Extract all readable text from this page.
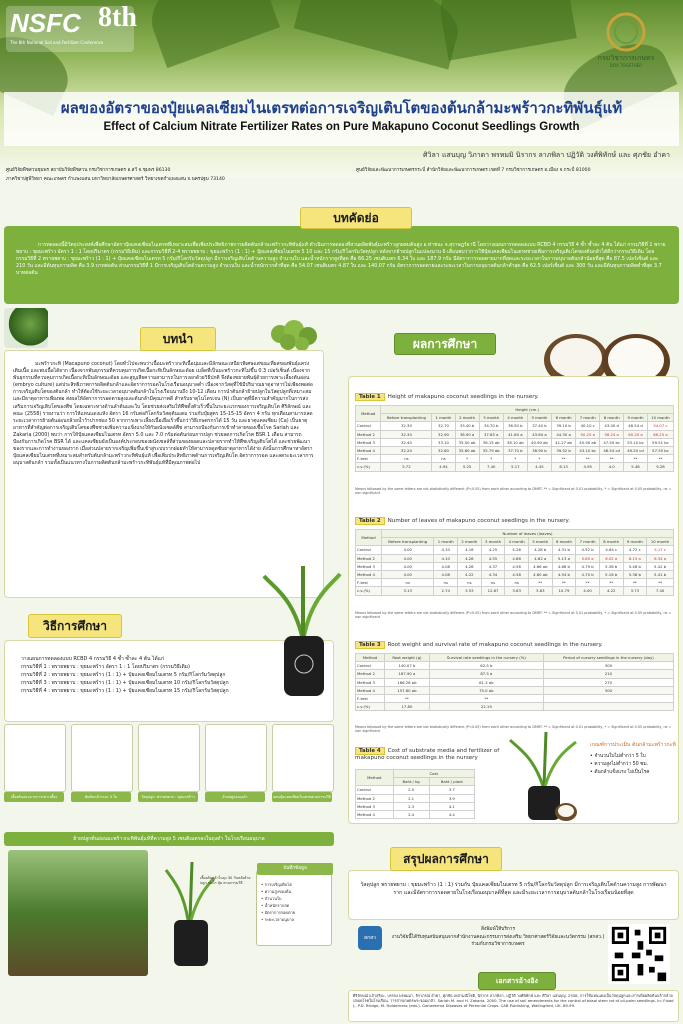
NSFC 8th
The 8th National Soil and Fertilizer Conference
กรมวิชาการเกษตร
DOA TOGETHER
ผลของอัตราของปุ๋ยแคลเซียมไนเตรทต่อการเจริญเติบโตของต้นกล้ามะพร้าวกะทิพันธุ์แท้
Effect of Calcium Nitrate Fertilizer Rates on Pure Makapuno Coconut Seedlings Growth
ศิวิลา แสนบุญ วิภาดา พรหมมิ นิรากร ลาภพิลา ปฏิวัติ วงศ์พิทักษ์ และ ศุภชัย อำคา
ศูนย์วิจัยพืชสวนชุมพร สถาบันวิจัยพืชสวน กรมวิชาการเกษตร อ.สวี จ.ชุมพร 86130	ศูนย์วิจัยและพัฒนาการเกษตรกระบี่ สำนักวิจัยและพัฒนาการเกษตร เขตที่ 7 กรมวิชาการเกษตร อ.เมือง จ.กระบี่ 81000
ภาควิชาปฐพีวิทยา คณะเกษตร กำแพงแสน มหาวิทยาลัยเกษตรศาสตร์ วิทยาเขตกำแพงแสน จ.นครปฐม 73140
การทดลองนี้มีวัตถุประสงค์เพื่อศึกษาอัตราปุ๋ยแคลเซียมไนเตรทที่เหมาะสมเพื่อเพิ่มประสิทธิภาพการผลิตต้นกล้ามะพร้าวกะทิพันธุ์แท้ ดำเนินการทดลองที่สวนผลิตพันธุ์มะพร้าวลูกผสมต้นสูง อ.ท่าชนะ จ.สุราษฎร์ธานี โดยวางแผนการทดลองแบบ RCBD 4 กรรมวิธี 4 ซ้ำ ซ้ำละ 4 ต้น ได้แก่ กรรมวิธีที่ 1 พรายพยาบ : ขุยมะพร้าว อัตรา 1 : 1 โดยปริมาตร (กรรมวิธีเดิม) และกรรมวิธีที่ 2-4 พรายพยาบ : ขุยมะพร้าว (1 : 1) + ปุ๋ยแคลเซียมไนเตรท 5 10 และ 15 กรัม/กิโลกรัมวัสดุปลูก หลังจากย้ายปลูกในแปลงนาน 6 เดือนพบว่าการใช้ปุ๋ยแคลเซียมไนเตรทช่วยเพิ่มการเจริญเติบโตของต้นกล้าได้ดีกว่ากรรมวิธีเดิม โดยกรรมวิธีที่ 2 พรายพยาบ : ขุยมะพร้าว (1 : 1) + ปุ๋ยแคลเซียมไนเตรท 5 กรัม/กิโลกรัมวัสดุปลูก มีการเจริญเติบโตด้านความสูง จำนวนใบ และน้ำหนักรากสูงที่สุด คือ 66.25 เซนติเมตร 6.34 ใบ และ 187.9 กรัม มีอัตราการรอดตายมากที่สุดและระยะเวลาในการอนุบาลต้นกล้าน้อยที่สุด คือ 87.5 เปอร์เซ็นต์ และ 210 วัน และมีต้นทุนการผลิต คือ 3.9 บาทต่อต้น ส่วนกรรมวิธีที่ 1 มีการเจริญเติบโตด้านความสูง จำนวนใบ และน้ำหนักรากต่ำที่สุด คือ 54.07 เซนติเมตร 4.87 ใบ และ 140.07 กรัม อัตราการรอดตายและระยะเวลาในการอนุบาลต้นกล้าต่ำสุด คือ 62.5 เปอร์เซ็นต์ และ 300 วัน และมีต้นทุนการผลิตต่ำที่สุด 3.7 บาทต่อต้น
บทคัดย่อ
มะพร้าวกะทิ (Macapuno coconut) โดยทั่วไปจะพบว่าเนื้อมะพร้าวกะทิเนื้อนุ่มและมีลักษณะเหนียวพิเศษแต่ขณะที่ผลของพันธุ์แคร่งเติมเนื้อ และพบเนื้อได้ยาก เนื่องจากพันธุกรรมที่ควบคุมการเกิดเนื้อกะทิเป็นลักษณะด้อย เมล็ดที่เป็นมะพร้าวกะทิไม่ขึ้น 0.3 เปอร์เซ็นต์ เนื่องจากพันธุกรรมที่ควบคุมการเกิดเนื้อกะทิเป็นลักษณะด้อย และสูญเสียความสามารถในการงอกด้วยวิธีปกติ จึงต้องขยายพันธุ์ด้วยการเพาะเลี้ยงต้นอ่อน (embryo culture) แต่ประสิทธิภาพการผลิตต้นกล้าและอัตราการรอดในโรงเรือนอนุบาลต่ำ เนื่องจากวัสดุที่ใช้มีปริมาณธาตุอาหารไม่เพียงพอต่อการเจริญเติบโตของต้นกล้า ทำให้ต้องใช้ระยะเวลาอนุบาลต้นกล้าในโรงเรือนนานถึง 10-12 เดือน การนำต้นกล้าย้ายปลูกในวัสดุปลูกที่เหมาะสมและมีธาตุอาหารเพียงพอ ส่งผลให้อัตราการรอดตายสูงและต้นกล้ามีคุณภาพดี สำหรับธาตุไนโตรเจน (N) เป็นธาตุที่มีความสำคัญมากในการส่งเสริมการเจริญเติบโตของพืช โดยเฉพาะทางด้านลำต้นและใบ โดยช่วยส่งเสริมให้พืชตั้งตัวเร็วขึ้นในระยะแรกของการเจริญเติบโต ศิริลักษณ์ และคณะ (2558) รายงานว่า การให้แหนแดงแห้ง อัตรา 16 กรัมต่อกิโลกรัมวัสดุต้นแตม ร่วมกับปุ๋ยสูตร 15-15-15 อัตรา 4 กรัม ทุกเดือนสามารถลดระยะเวลาการย้ายต้นอ่อนกล้วยน้ำว้าปากช่อง 50 จากการเพาะเลี้ยงเนื้อเยื่อเร็วขึ้นกว่าวิธีเกษตรกรได้ 15 วัน และธาตุแคลเซียม (Ca) เป็นธาตุอาหารที่สำคัญต่อการเจริญเติบโตของพืชช่วยเพิ่มความแข็งแรงให้กับผนังเซลล์พืช สามารถป้องกันการเข้าทำลายของเชื้อโรค Sariah และ Zakaria (2000) พบว่า การให้ปุ๋ยแคลเซียมไนเตรท อัตรา 5.0 และ 7.0 กรัมต่อต้นก่อนการปลูก ช่วยลดการเกิดโรค BSR 1 เดือน สามารถป้องกันการเกิดโรค BSR ได้ และแคลเซียมยังเป็นองค์ประกอบของผนังเซลล์ที่ส่วนของยอดและปลายรากทำให้พืชเจริญเติบโตได้ และช่วยพัฒนาของรากและการทำงานของราก เมื่อส่วนปลายรากเจริญเพิ่มขึ้นเข้าสู่ระบบรากฝอยทำให้สามารถดูดซับธาตุอาหารได้ง่าย ดังนั้นการศึกษาหาอัตราปุ๋ยแคลเซียมไนเตรทที่เหมาะสมสำหรับต้นกล้ามะพร้าวกะทิพันธุ์แท้ เพื่อเพิ่มประสิทธิภาพด้านการเจริญเติบโต อัตราการรอด และลดระยะเวลาการอนุบาลต้นกล้า รวมทั้งเป็นแนวทางในการผลิตต้นกล้ามะพร้าวกะทิพันธุ์แท้ที่มีคุณภาพต่อไป
บทนำ
วางแผนการทดลองแบบ RCBD 4 กรรมวิธี 4 ซ้ำ ซ้ำละ 4 ต้น ได้แก่
กรรมวิธีที่ 1 : พรายพยาบ : ขุยมะพร้าว อัตรา 1 : 1 โดยปริมาตร (กรรมวิธีเดิม)
กรรมวิธีที่ 2 : พรายพยาบ : ขุยมะพร้าว (1 : 1) + ปุ๋ยแคลเซียมไนเตรท 5 กรัม/กิโลกรัมวัสดุปลูก
กรรมวิธีที่ 3 : พรายพยาบ : ขุยมะพร้าว (1 : 1) + ปุ๋ยแคลเซียมไนเตรท 10 กรัม/กิโลกรัมวัสดุปลูก
กรรมวิธีที่ 4 : พรายพยาบ : ขุยมะพร้าว (1 : 1) + ปุ๋ยแคลเซียมไนเตรท 15 กรัม/กิโลกรัมวัสดุปลูก
วิธีการศึกษา
เลี้ยงต้นอ่อนจากการเพาะเลี้ยง	คัดต้นกล้าระยะ 3 ใบ	วัสดุปลูก: พรายพยาบ : ขุยมะพร้าว	ย้ายปลูกลงถุงดำ	ผสมปุ๋ยแคลเซียมไนเตรทตามกรรมวิธี
ย้ายปลูกต้นอ่อนมะพร้าวกะทิพันธุ์แท้ที่ความสูง 5 เซนติเมตรลงในถุงดำ ในโรงเรือนอนุบาล
เลี้ยงต้นกล้าในถุง 30 วันหลังย้ายปลูก รดน้ำ ปุ๋ย ตามกรรมวิธี
บันทึกข้อมูล
• การเจริญเติบโต
• ความสูงของต้น
• จำนวนใบ
• น้ำหนักรากสด
• อัตราการรอดตาย
• ระยะเวลาอนุบาล
Table 1 Height of makapuno coconut seedlings in the nursery.
Method	Height (cm.)										
	Before transplanting	1 month	2 month	3 month	4 month	5 month	6 month	7 month	8 month	9 month	10 month
Control	32.30	32.70	33.40 b	34.70 b	36.50 b	37.40 b	39.10 b	40.10 c	43.00 d	46.54 d	54.07 c
Method 2	32.30	32.90	36.90 a	37.85 a	41.80 a	43.60 a	44.30 a	50.20 a	56.24 a	60.20 a	66.25 a
Method 3	32.40	33.10	35.50 ab	36.15 ab	38.10 ab	40.90 ab	41.27 ab	45.90 ab	47.50 bc	53.10 bc	59.51 bc
Method 4	32.20	32.80	35.60 ab	35.79 ab	37.70 b	38.90 b	39.52 b	43.10 bc	46.54 cd	49.20 cd	57.55 bc
F-test	ns	ns	*	*	*	*	**	**	**	**	**
c.v.(%)	5.72	4.94	5.25	7.40	5.17	4.45	6.13	4.95	4.0	5.48	9.28
Means followed by the same letters are not statistically different (P<0.05) from each other according to DMRT. ** = Significant at 0.01 probability, * = Significant at 0.05 probability, ns = non significant
Table 2 Number of leaves of makapuno coconut seedlings in the nursery.
Method	Number of leaves (leaves)										
	Before transplanting	1 month	2 month	3 month	4 month	5 month	6 month	7 month	8 month	9 month	10 month
Control	4.00	4.10	4.16	4.25	4.26	4.28 b	4.31 b	4.52 b	4.64 c	4.72 c	5.17 c
Method 2	4.00	4.10	4.28	4.55	4.66	4.62 a	5.13 a	5.60 a	6.02 a	6.15 a	6.34 a
Method 3	4.00	4.08	4.28	4.37	4.56	4.66 ab	4.66 b	4.79 b	5.38 b	5.46 b	5.42 b
Method 4	4.00	4.08	4.22	4.34	4.58	4.60 ab	4.54 b	4.70 b	5.16 b	5.38 b	5.41 b
F-test	ns	ns	ns	ns	ns	**	**	**	**	**	**
c.v.(%)	3.13	2.74	3.53	12.87	3.63	3.83	10.79	4.00	4.22	3.73	7.40
Means followed by the same letters are not statistically different (P<0.05) from each other according to DMRT. ** = Significant at 0.01 probability, * = Significant at 0.05 probability, ns = non significant
Table 3 Root weight and survival rate of makapuno coconut seedlings in the nursery.
Method	Root weight (g)	Survival rate seedlings in the nursery (%)	Period of nursery seedlings in the nursery (day)
Control	140.07 b	62.5 b	300
Method 2	187.90 a	87.5 a	210
Method 3	166.26 ab	81.3 ab	270
Method 4	157.60 ab	75.0 ab	300
F-test	**	**	
c.v.(%)	17.80	22.19	
Means followed by the same letters are not statistically different (P<0.05) from each other according to DMRT. ** = Significant at 0.01 probability, * = Significant at 0.05 probability, ns = non significant
Table 4 Cost of substrate media and fertilizer of makapuno coconut seedlings in the nursery
Method	Cost	
	Baht / kg	Baht / plant
Control	2.0	3.7
Method 2	2.1	3.9
Method 3	2.3	4.1
Method 4	2.4	4.4
เกณฑ์การประเมิน ต้นกล้ามะพร้าวกะทิ
• จำนวนใบไม่ต่ำกว่า 5 ใบ
• ความสูงไม่ต่ำกว่า 50 ซม.
• ต้นกล้าแข็งแรง ไม่เป็นโรค
ผลการศึกษา
วัสดุปลูก พรายพยาบ : ขุยมะพร้าว (1 : 1) ร่วมกับ ปุ๋ยแคลเซียมไนเตรท 5 กรัม/กิโลกรัมวัสดุปลูก มีการเจริญเติบโตด้านความสูง การพัฒนาราก และมีอัตราการรอดตายในโรงเรือนอนุบาลดีที่สุด และมีระยะเวลาการอนุบาลต้นกล้าในโรงเรือนน้อยที่สุด
สรุปผลการศึกษา
สกสว
สิ่งพิมพ์ให้บริการ
งานวิจัยนี้ได้รับทุนสนับสนุนจากสำนักงานคณะกรรมการส่งเสริม วิทยาศาสตร์วิจัยและนวัตกรรม (สกสว.) ร่วมกับกรมวิชาการเกษตร
เอกสารอ้างอิง
ศิริลักษณ์ แก้วสุริยะ, บรรจง พรหมมา, จิราภรณ์ อำคา, ศุภชัย เหล่ามณีโชติ, นิรากร ลาภพิลา, ปฏิวัติ วงศ์พิทักษ์ และ ศิวิลา แสนบุญ. 2558. การใช้แหนแดงเป็นวัสดุปลูกและสารเพื่อผลิตต้นกล้ากล้วยปลอดโรคในโรงเรือน. วารสารเกษตรพระจอมเกล้า. Sariah M. and H. Zakaria. 2000. The use of soil amendments for the control of basal stem rot of oil-palm seedlings. In: Flood J., P.D. Bridge, M. Holderness (eds.). Ganoderma Diseases of Perennial Crops. CAB Publishing, Wallingford, UK. 89-99.
